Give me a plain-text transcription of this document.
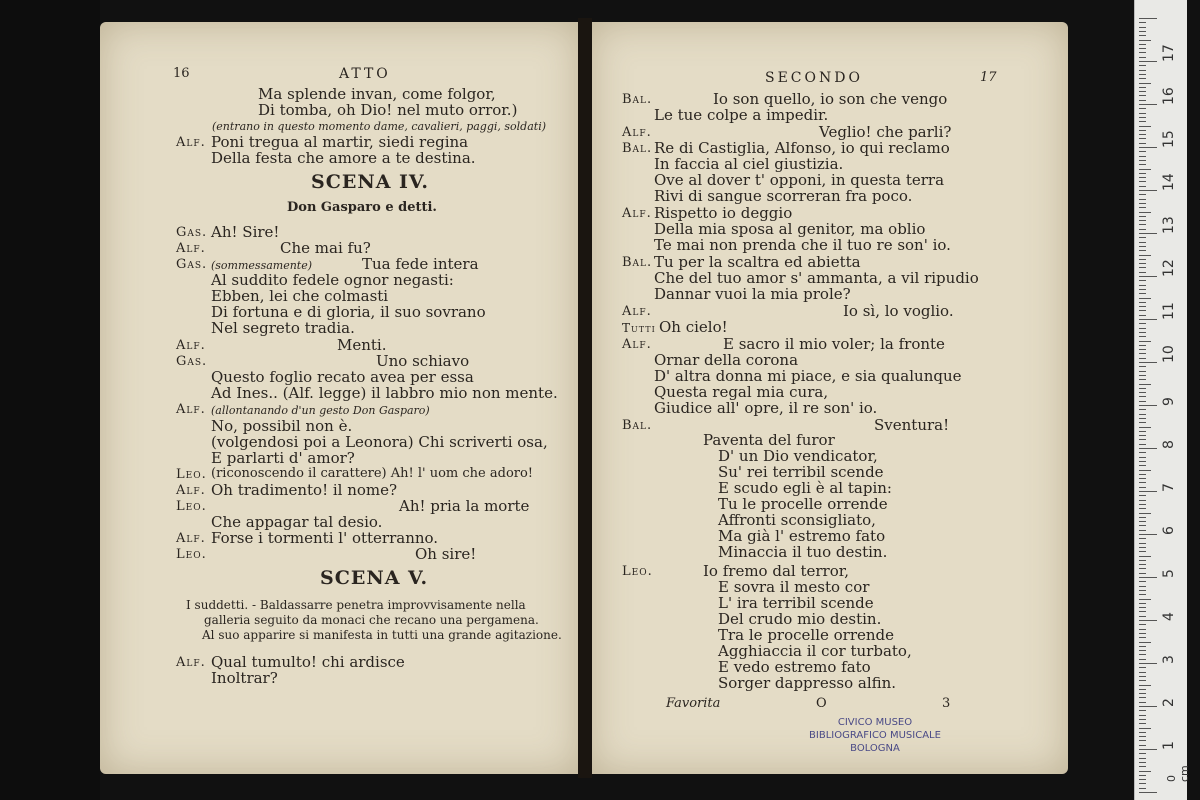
16	ATTO
Ma splende invan, come folgor,
Di tomba, oh Dio! nel muto orror.)
(entrano in questo momento dame, cavalieri, paggi, soldati)
Alf. Poni tregua al martir, siedi regina
Della festa che amore a te destina.
SCENA IV.
Don Gasparo e detti.
Gas. Ah! Sire!
Alf.	Che mai fu?
Gas. (sommessamente)	Tua fede intera
Al suddito fedele ognor negasti:
Ebben, lei che colmasti
Di fortuna e di gloria, il suo sovrano
Nel segreto tradia.
Alf.	Menti.
Gas.	Uno schiavo
Questo foglio recato avea per essa
Ad Ines.. (Alf. legge) il labbro mio non mente.
Alf. (allontanando d'un gesto Don Gasparo)
No, possibil non è.
(volgendosi poi a Leonora) Chi scriverti osa,
E parlarti d' amor?
Leo. (riconoscendo il carattere) Ah! l' uom che adoro!
Alf. Oh tradimento! il nome?
Leo.	Ah! pria la morte
Che appagar tal desio.
Alf. Forse i tormenti l' otterranno.
Leo.	Oh sire!
SCENA V.
I suddetti. - Baldassarre penetra improvvisamente nella
galleria seguito da monaci che recano una pergamena.
Al suo apparire si manifesta in tutti una grande agitazione.
Alf. Qual tumulto! chi ardisce
Inoltrar?
SECONDO	17
Bal.	Io son quello, io son che vengo
Le tue colpe a impedir.
Alf.	Veglio! che parli?
Bal. Re di Castiglia, Alfonso, io qui reclamo
In faccia al ciel giustizia.
Ove al dover t' opponi, in questa terra
Rivi di sangue scorreran fra poco.
Alf. Rispetto io deggio
Della mia sposa al genitor, ma oblio
Te mai non prenda che il tuo re son' io.
Bal. Tu per la scaltra ed abietta
Che del tuo amor s' ammanta, a vil ripudio
Dannar vuoi la mia prole?
Alf.	Io sì, lo voglio.
Tutti Oh cielo!
Alf.	E sacro il mio voler; la fronte
Ornar della corona
D' altra donna mi piace, e sia qualunque
Questa regal mia cura,
Giudice all' opre, il re son' io.
Bal.	Sventura!
Paventa del furor
D' un Dio vendicator,
Su' rei terribil scende
E scudo egli è al tapin:
Tu le procelle orrende
Affronti sconsigliato,
Ma già l' estremo fato
Minaccia il tuo destin.
Leo.	Io fremo dal terror,
E sovra il mesto cor
L' ira terribil scende
Del crudo mio destin.
Tra le procelle orrende
Agghiaccia il cor turbato,
E vedo estremo fato
Sorger dappresso alfin.
Favorita	O	3
CIVICO MUSEO
BIBLIOGRAFICO MUSICALE
BOLOGNA
0 cm
1
2
3
4
5
6
7
8
9
10
11
12
13
14
15
16
17
